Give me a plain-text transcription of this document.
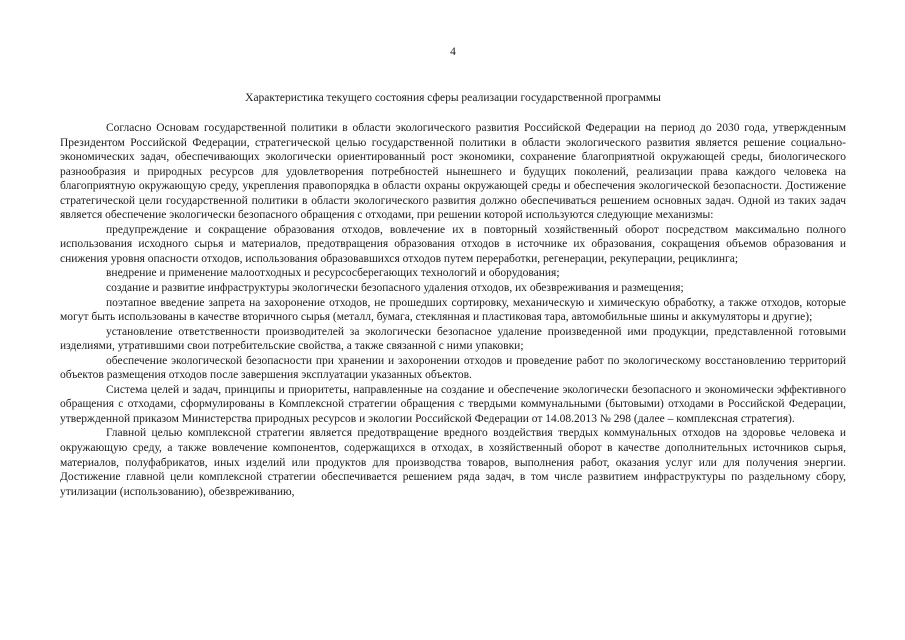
4
Характеристика текущего состояния сферы реализации государственной программы

Согласно Основам государственной политики в области экологического развития Российской Федерации на период до 2030 года, утвержденным Президентом Российской Федерации, стратегической целью государственной политики в области экологического развития является решение социально-экономических задач, обеспечивающих экологически ориентированный рост экономики, сохранение благоприятной окружающей среды, биологического разнообразия и природных ресурсов для удовлетворения потребностей нынешнего и будущих поколений, реализации права каждого человека на благоприятную окружающую среду, укрепления правопорядка в области охраны окружающей среды и обеспечения экологической безопасности. Достижение стратегической цели государственной политики в области экологического развития должно обеспечиваться решением основных задач. Одной из таких задач является обеспечение экологически безопасного обращения с отходами, при решении которой используются следующие механизмы:

предупреждение и сокращение образования отходов, вовлечение их в повторный хозяйственный оборот посредством максимально полного использования исходного сырья и материалов, предотвращения образования отходов в источнике их образования, сокращения объемов образования и снижения уровня опасности отходов, использования образовавшихся отходов путем переработки, регенерации, рекуперации, рециклинга;

внедрение и применение малоотходных и ресурсосберегающих технологий и оборудования;

создание и развитие инфраструктуры экологически безопасного удаления отходов, их обезвреживания и размещения;

поэтапное введение запрета на захоронение отходов, не прошедших сортировку, механическую и химическую обработку, а также отходов, которые могут быть использованы в качестве вторичного сырья (металл, бумага, стеклянная и пластиковая тара, автомобильные шины и аккумуляторы и другие);

установление ответственности производителей за экологически безопасное удаление произведенной ими продукции, представленной готовыми изделиями, утратившими свои потребительские свойства, а также связанной с ними упаковки;

обеспечение экологической безопасности при хранении и захоронении отходов и проведение работ по экологическому восстановлению территорий объектов размещения отходов после завершения эксплуатации указанных объектов.

Система целей и задач, принципы и приоритеты, направленные на создание и обеспечение экологически безопасного и экономически эффективного обращения с отходами, сформулированы в Комплексной стратегии обращения с твердыми коммунальными (бытовыми) отходами в Российской Федерации, утвержденной приказом Министерства природных ресурсов и экологии Российской Федерации от 14.08.2013 № 298 (далее – комплексная стратегия).

Главной целью комплексной стратегии является предотвращение вредного воздействия твердых коммунальных отходов на здоровье человека и окружающую среду, а также вовлечение компонентов, содержащихся в отходах, в хозяйственный оборот в качестве дополнительных источников сырья, материалов, полуфабрикатов, иных изделий или продуктов для производства товаров, выполнения работ, оказания услуг или для получения энергии. Достижение главной цели комплексной стратегии обеспечивается решением ряда задач, в том числе развитием инфраструктуры по раздельному сбору, утилизации (использованию), обезвреживанию,
